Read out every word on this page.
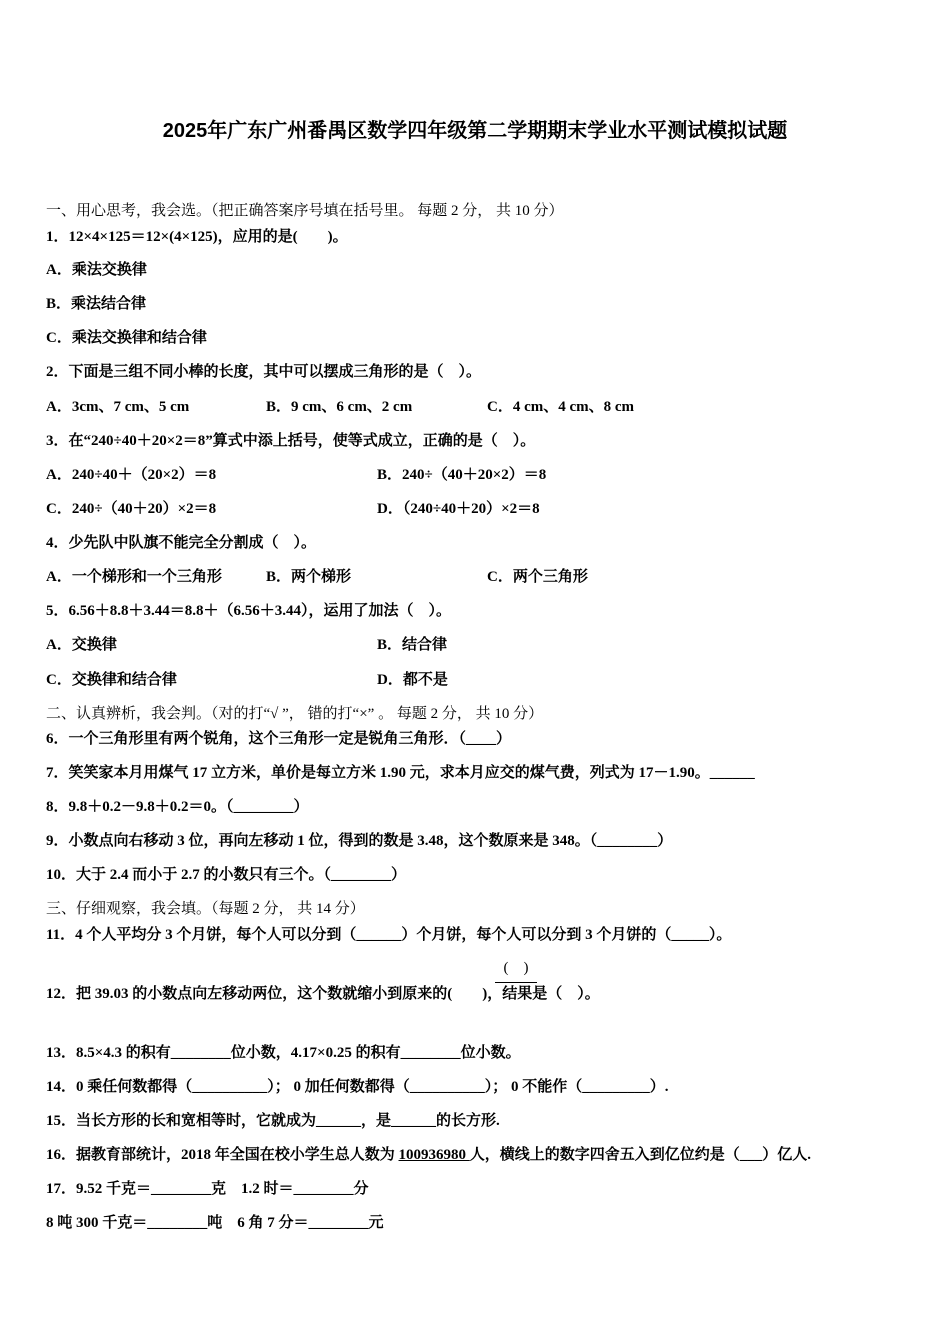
2025年广东广州番禺区数学四年级第二学期期末学业水平测试模拟试题
一、用心思考，我会选。（把正确答案序号填在括号里。 每题 2 分， 共 10 分）
1．12×4×125＝12×(4×125)，应用的是(　　)。
A．乘法交换律
B．乘法结合律
C．乘法交换律和结合律
2．下面是三组不同小棒的长度，其中可以摆成三角形的是（　）。
A．3cm、7 cm、5 cm	B．9 cm、6 cm、2 cm	C．4 cm、4 cm、8 cm
3．在“240÷40＋20×2＝8”算式中添上括号，使等式成立，正确的是（　）。
A．240÷40＋（20×2）＝8	B．240÷（40＋20×2）＝8
C．240÷（40＋20）×2＝8	D．（240÷40＋20）×2＝8
4．少先队中队旗不能完全分割成（　）。
A．一个梯形和一个三角形	B．两个梯形	C．两个三角形
5．6.56＋8.8＋3.44＝8.8＋（6.56＋3.44），运用了加法（　）。
A．交换律	B．结合律
C．交换律和结合律	D．都不是
二、认真辨析，我会判。（对的打“√ ”， 错的打“×” 。 每题 2 分， 共 10 分）
6．一个三角形里有两个锐角，这个三角形一定是锐角三角形．（____）
7．笑笑家本月用煤气 17 立方米，单价是每立方米 1.90 元，求本月应交的煤气费，列式为 17－1.90。______
8．9.8＋0.2－9.8＋0.2＝0。（________）
9．小数点向右移动 3 位，再向左移动 1 位，得到的数是 3.48，这个数原来是 348。（________）
10．大于 2.4 而小于 2.7 的小数只有三个。（________）
三、仔细观察，我会填。（每题 2 分， 共 14 分）
11．4 个人平均分 3 个月饼，每个人可以分到（______）个月饼，每个人可以分到 3 个月饼的（_____）。
(　)
12．把 39.03 的小数点向左移动两位，这个数就缩小到原来的(　　)，结果是（　）。
13．8.5×4.3 的积有________位小数，4.17×0.25 的积有________位小数。
14．0 乘任何数都得（__________）； 0 加任何数都得（__________）； 0 不能作（_________）.
15．当长方形的长和宽相等时，它就成为______，是______的长方形.
16．据教育部统计，2018 年全国在校小学生总人数为 100936980 人，横线上的数字四舍五入到亿位约是（___）亿人.
17．9.52 千克＝________克　1.2 时＝________分
8 吨 300 千克＝________吨　6 角 7 分＝________元
